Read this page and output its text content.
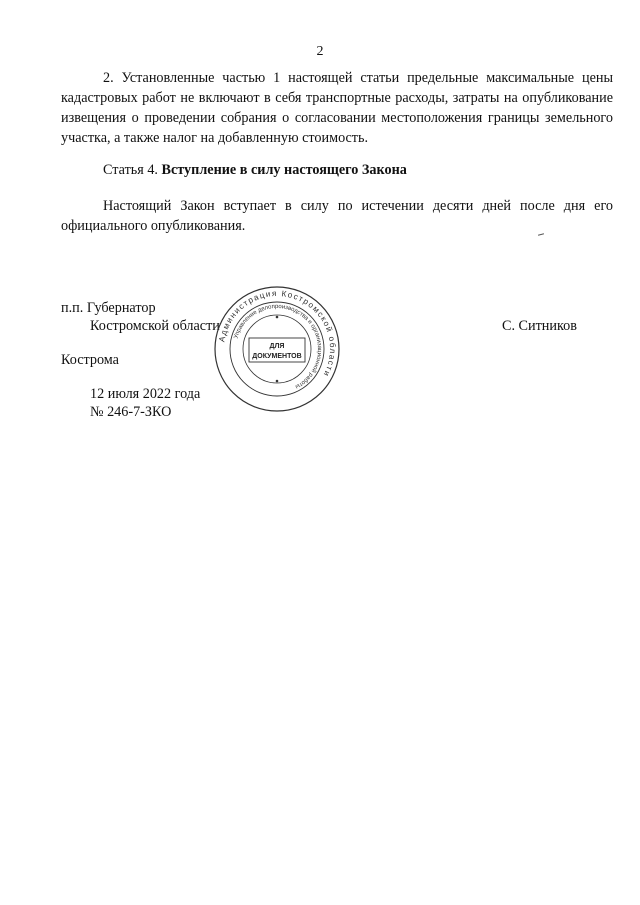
2

2. Установленные частью 1 настоящей статьи предельные максимальные цены кадастровых работ не включают в себя транспортные расходы, затраты на опубликование извещения о проведении собрания о согласовании местоположения границы земельного участка, а также налог на добавленную стоимость.

Статья 4. Вступление в силу настоящего Закона

Настоящий Закон вступает в силу по истечении десяти дней после дня его официального опубликования.

п.п. Губернатор
Костромской области	С. Ситников
Кострома
12 июля 2022 года
№ 246-7-ЗКО
Администрация Костромской области
Управление делопроизводства и организационной работы
ДЛЯ
ДОКУМЕНТОВ
